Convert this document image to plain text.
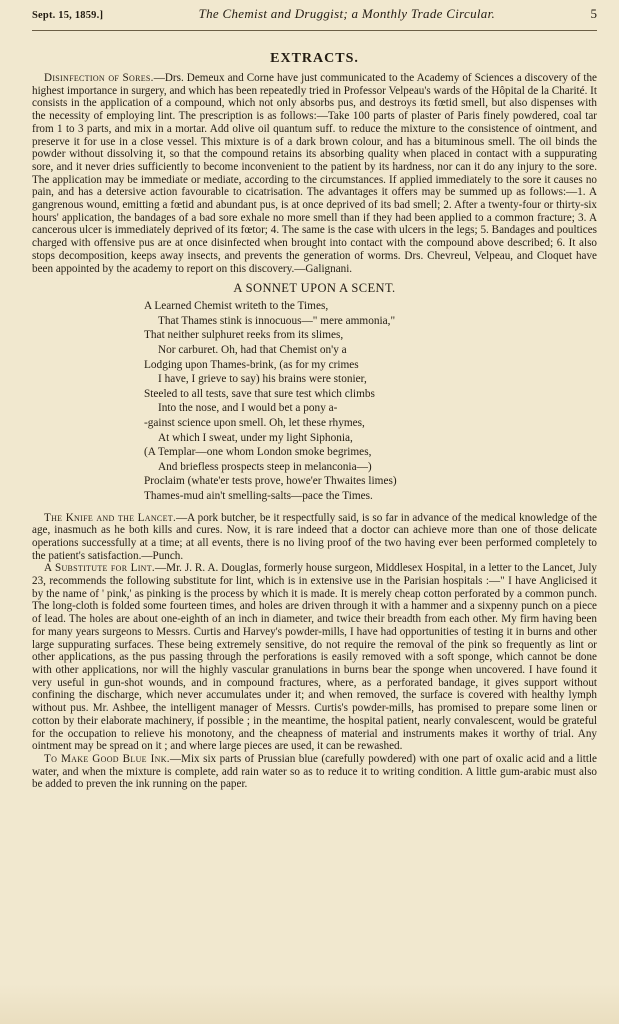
Sept. 15, 1859.]	The Chemist and Druggist; a Monthly Trade Circular.	5
EXTRACTS.

Disinfection of Sores.—Drs. Demeux and Corne have just communicated to the Academy of Sciences a discovery of the highest importance in surgery, and which has been repeatedly tried in Professor Velpeau's wards of the Hôpital de la Charité. It consists in the application of a compound, which not only absorbs pus, and destroys its fœtid smell, but also dispenses with the necessity of employing lint. The prescription is as follows:—Take 100 parts of plaster of Paris finely powdered, coal tar from 1 to 3 parts, and mix in a mortar. Add olive oil quantum suff. to reduce the mixture to the consistence of ointment, and preserve it for use in a close vessel. This mixture is of a dark brown colour, and has a bituminous smell. The oil binds the powder without dissolving it, so that the compound retains its absorbing quality when placed in contact with a suppurating sore, and it never dries sufficiently to become inconvenient to the patient by its hardness, nor can it do any injury to the sore. The application may be immediate or mediate, according to the circumstances. If applied immediately to the sore it causes no pain, and has a detersive action favourable to cicatrisation. The advantages it offers may be summed up as follows:—1. A gangrenous wound, emitting a fœtid and abundant pus, is at once deprived of its bad smell; 2. After a twenty-four or thirty-six hours' application, the bandages of a bad sore exhale no more smell than if they had been applied to a common fracture; 3. A cancerous ulcer is immediately deprived of its fœtor; 4. The same is the case with ulcers in the legs; 5. Bandages and poultices charged with offensive pus are at once disinfected when brought into contact with the compound above described; 6. It also stops decomposition, keeps away insects, and prevents the generation of worms. Drs. Chevreul, Velpeau, and Cloquet have been appointed by the academy to report on this discovery.—Galignani.

A SONNET UPON A SCENT.
A Learned Chemist writeth to the Times,
That Thames stink is innocuous—" mere ammonia,"
That neither sulphuret reeks from its slimes,
Nor carburet. Oh, had that Chemist on'y a
Lodging upon Thames-brink, (as for my crimes
I have, I grieve to say) his brains were stonier,
Steeled to all tests, save that sure test which climbs
Into the nose, and I would bet a pony a-
-gainst science upon smell. Oh, let these rhymes,
At which I sweat, under my light Siphonia,
(A Templar—one whom London smoke begrimes,
And briefless prospects steep in melanconia—)
Proclaim (whate'er tests prove, howe'er Thwaites limes)
Thames-mud ain't smelling-salts—pace the Times.

The Knife and the Lancet.—A pork butcher, be it respectfully said, is so far in advance of the medical knowledge of the age, inasmuch as he both kills and cures. Now, it is rare indeed that a doctor can achieve more than one of those delicate operations successfully at a time; at all events, there is no living proof of the two having ever been performed completely to the patient's satisfaction.—Punch.

A Substitute for Lint.—Mr. J. R. A. Douglas, formerly house surgeon, Middlesex Hospital, in a letter to the Lancet, July 23, recommends the following substitute for lint, which is in extensive use in the Parisian hospitals :—" I have Anglicised it by the name of ' pink,' as pinking is the process by which it is made. It is merely cheap cotton perforated by a common punch. The long-cloth is folded some fourteen times, and holes are driven through it with a hammer and a sixpenny punch on a piece of lead. The holes are about one-eighth of an inch in diameter, and twice their breadth from each other. My firm having been for many years surgeons to Messrs. Curtis and Harvey's powder-mills, I have had opportunities of testing it in burns and other large suppurating surfaces. These being extremely sensitive, do not require the removal of the pink so frequently as lint or other applications, as the pus passing through the perforations is easily removed with a soft sponge, which cannot be done with other applications, nor will the highly vascular granulations in burns bear the sponge when uncovered. I have found it very useful in gun-shot wounds, and in compound fractures, where, as a perforated bandage, it gives support without confining the discharge, which never accumulates under it; and when removed, the surface is covered with healthy lymph without pus. Mr. Ashbee, the intelligent manager of Messrs. Curtis's powder-mills, has promised to prepare some linen or cotton by their elaborate machinery, if possible ; in the meantime, the hospital patient, nearly convalescent, would be grateful for the occupation to relieve his monotony, and the cheapness of material and instruments makes it worthy of trial. Any ointment may be spread on it ; and where large pieces are used, it can be rewashed.

To Make Good Blue Ink.—Mix six parts of Prussian blue (carefully powdered) with one part of oxalic acid and a little water, and when the mixture is complete, add rain water so as to reduce it to writing condition. A little gum-arabic must also be added to preven the ink running on the paper.
